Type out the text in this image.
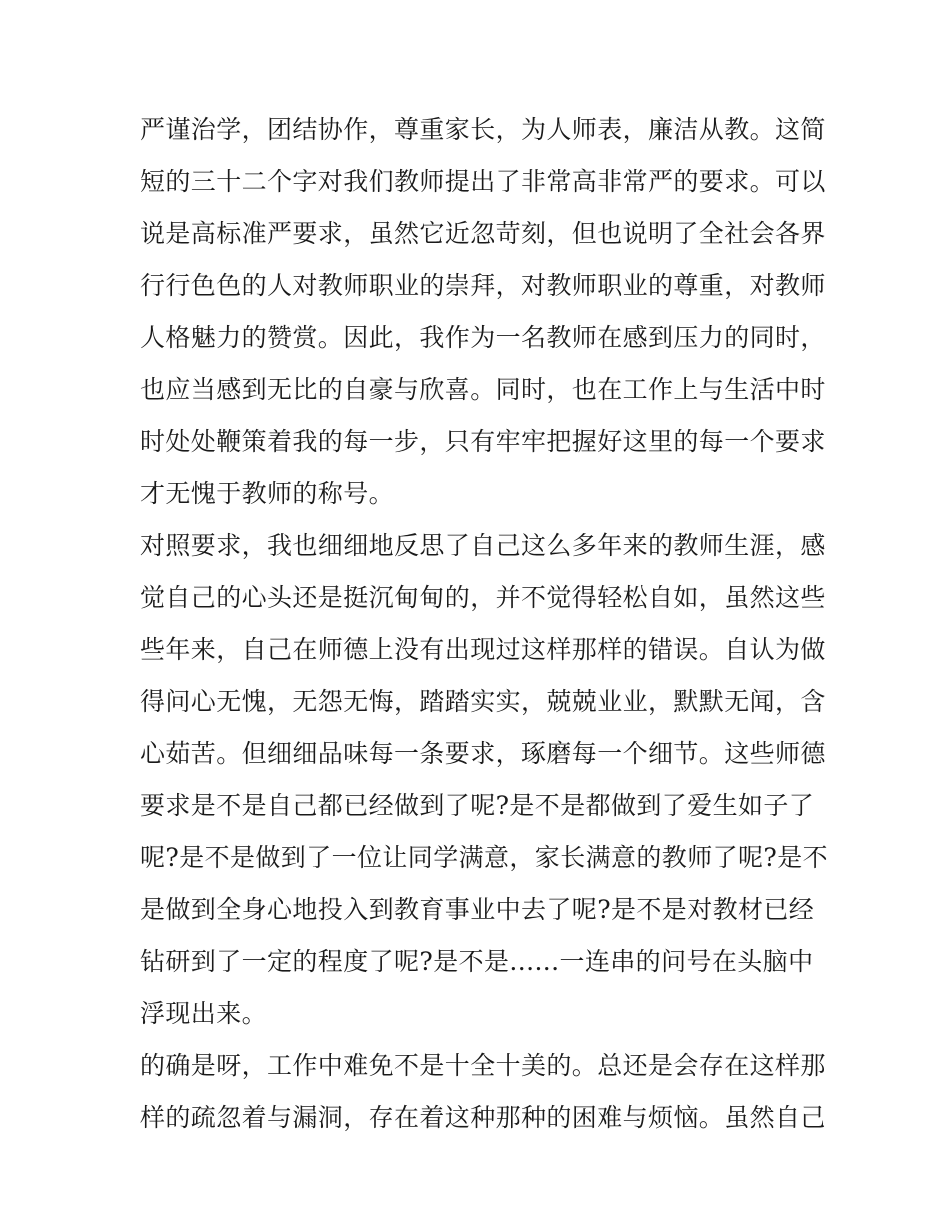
严谨治学，团结协作，尊重家长，为人师表，廉洁从教。这简
短的三十二个字对我们教师提出了非常高非常严的要求。可以
说是高标准严要求，虽然它近忽苛刻，但也说明了全社会各界
行行色色的人对教师职业的崇拜，对教师职业的尊重，对教师
人格魅力的赞赏。因此，我作为一名教师在感到压力的同时，
也应当感到无比的自豪与欣喜。同时，也在工作上与生活中时
时处处鞭策着我的每一步，只有牢牢把握好这里的每一个要求
才无愧于教师的称号。
对照要求，我也细细地反思了自己这么多年来的教师生涯，感
觉自己的心头还是挺沉甸甸的，并不觉得轻松自如，虽然这些
些年来，自己在师德上没有出现过这样那样的错误。自认为做
得问心无愧，无怨无悔，踏踏实实，兢兢业业，默默无闻，含
心茹苦。但细细品味每一条要求，琢磨每一个细节。这些师德
要求是不是自己都已经做到了呢?是不是都做到了爱生如子了
呢?是不是做到了一位让同学满意，家长满意的教师了呢?是不
是做到全身心地投入到教育事业中去了呢?是不是对教材已经
钻研到了一定的程度了呢?是不是......一连串的问号在头脑中
浮现出来。
的确是呀，工作中难免不是十全十美的。总还是会存在这样那
样的疏忽着与漏洞，存在着这种那种的困难与烦恼。虽然自己
